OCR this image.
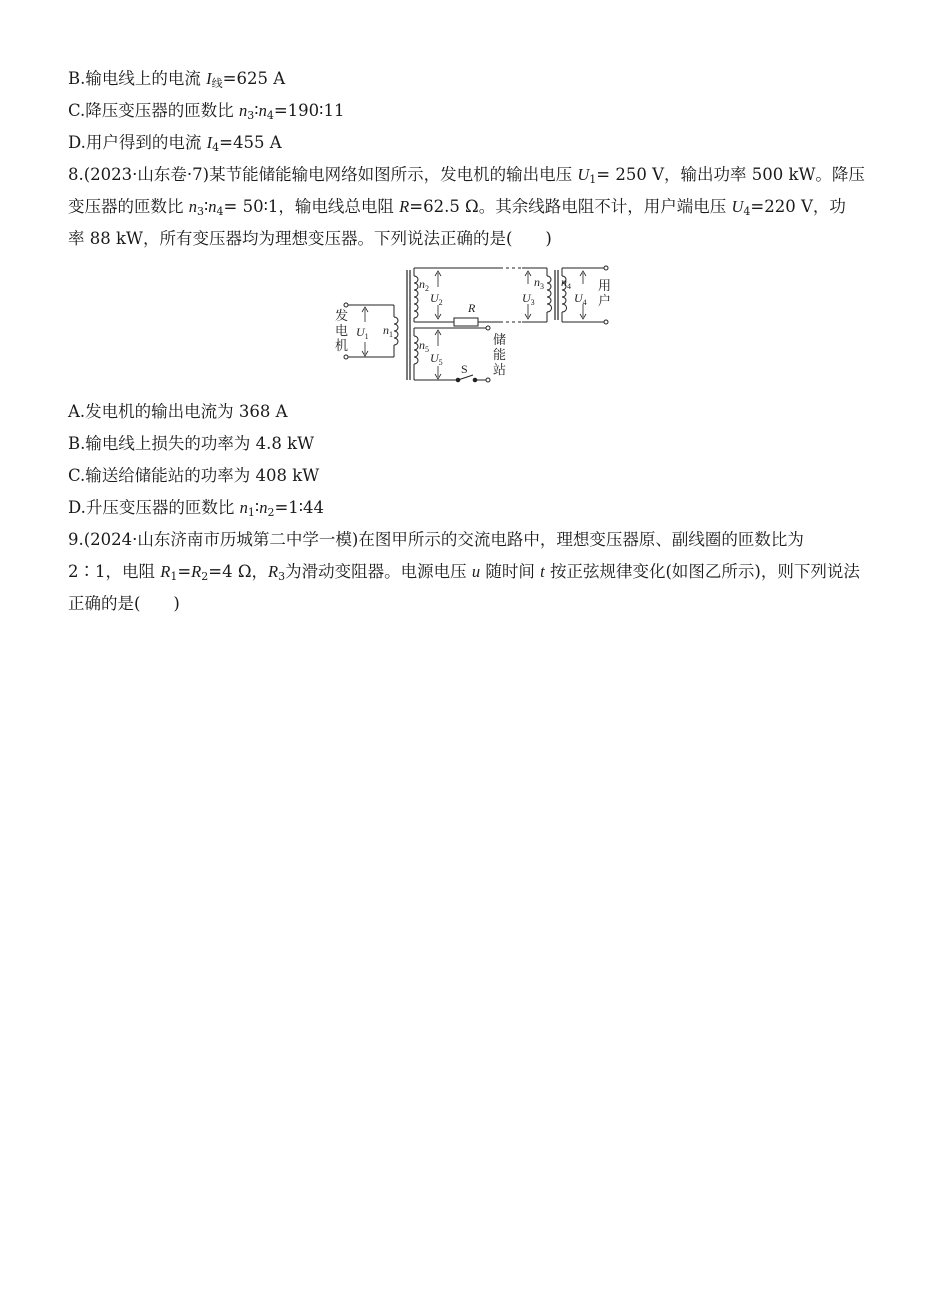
B.输电线上的电流 $I_线=625$ A
C.降压变压器的匝数比 $n_3∶n_4=190∶11$
D.用户得到的电流 $I_4=455$ A
8.(2023·山东卷·7)某节能储能输电网络如图所示，发电机的输出电压 $U_1= 250$ V，输出功率 500 kW。降压
变压器的匝数比 $n_3∶n_4=$ 50∶1，输电线总电阻 R=62.5 Ω。其余线路电阻不计，用户端电压 $U_4=220$ V，功
率 88 kW，所有变压器均为理想变压器。下列说法正确的是(　　)
发
电
机
用
户
储
能
站
$U_1$ $n_1$
$n_2$
$U_2$ R
$n_3$
$U_3$
$n_4$
$U_4$
$n_5$
$U_5$ S
A.发电机的输出电流为 368 A
B.输电线上损失的功率为 4.8 kW
C.输送给储能站的功率为 408 kW
D.升压变压器的匝数比 $n_1∶n_2=1∶44$
9.(2024·山东济南市历城第二中学一模)在图甲所示的交流电路中，理想变压器原、副线圈的匝数比为
2∶1，电阻 $R_1=R_2=4$ Ω，$R_3$为滑动变阻器。电源电压 u 随时间 t 按正弦规律变化(如图乙所示)，则下列说法
正确的是(　　)
